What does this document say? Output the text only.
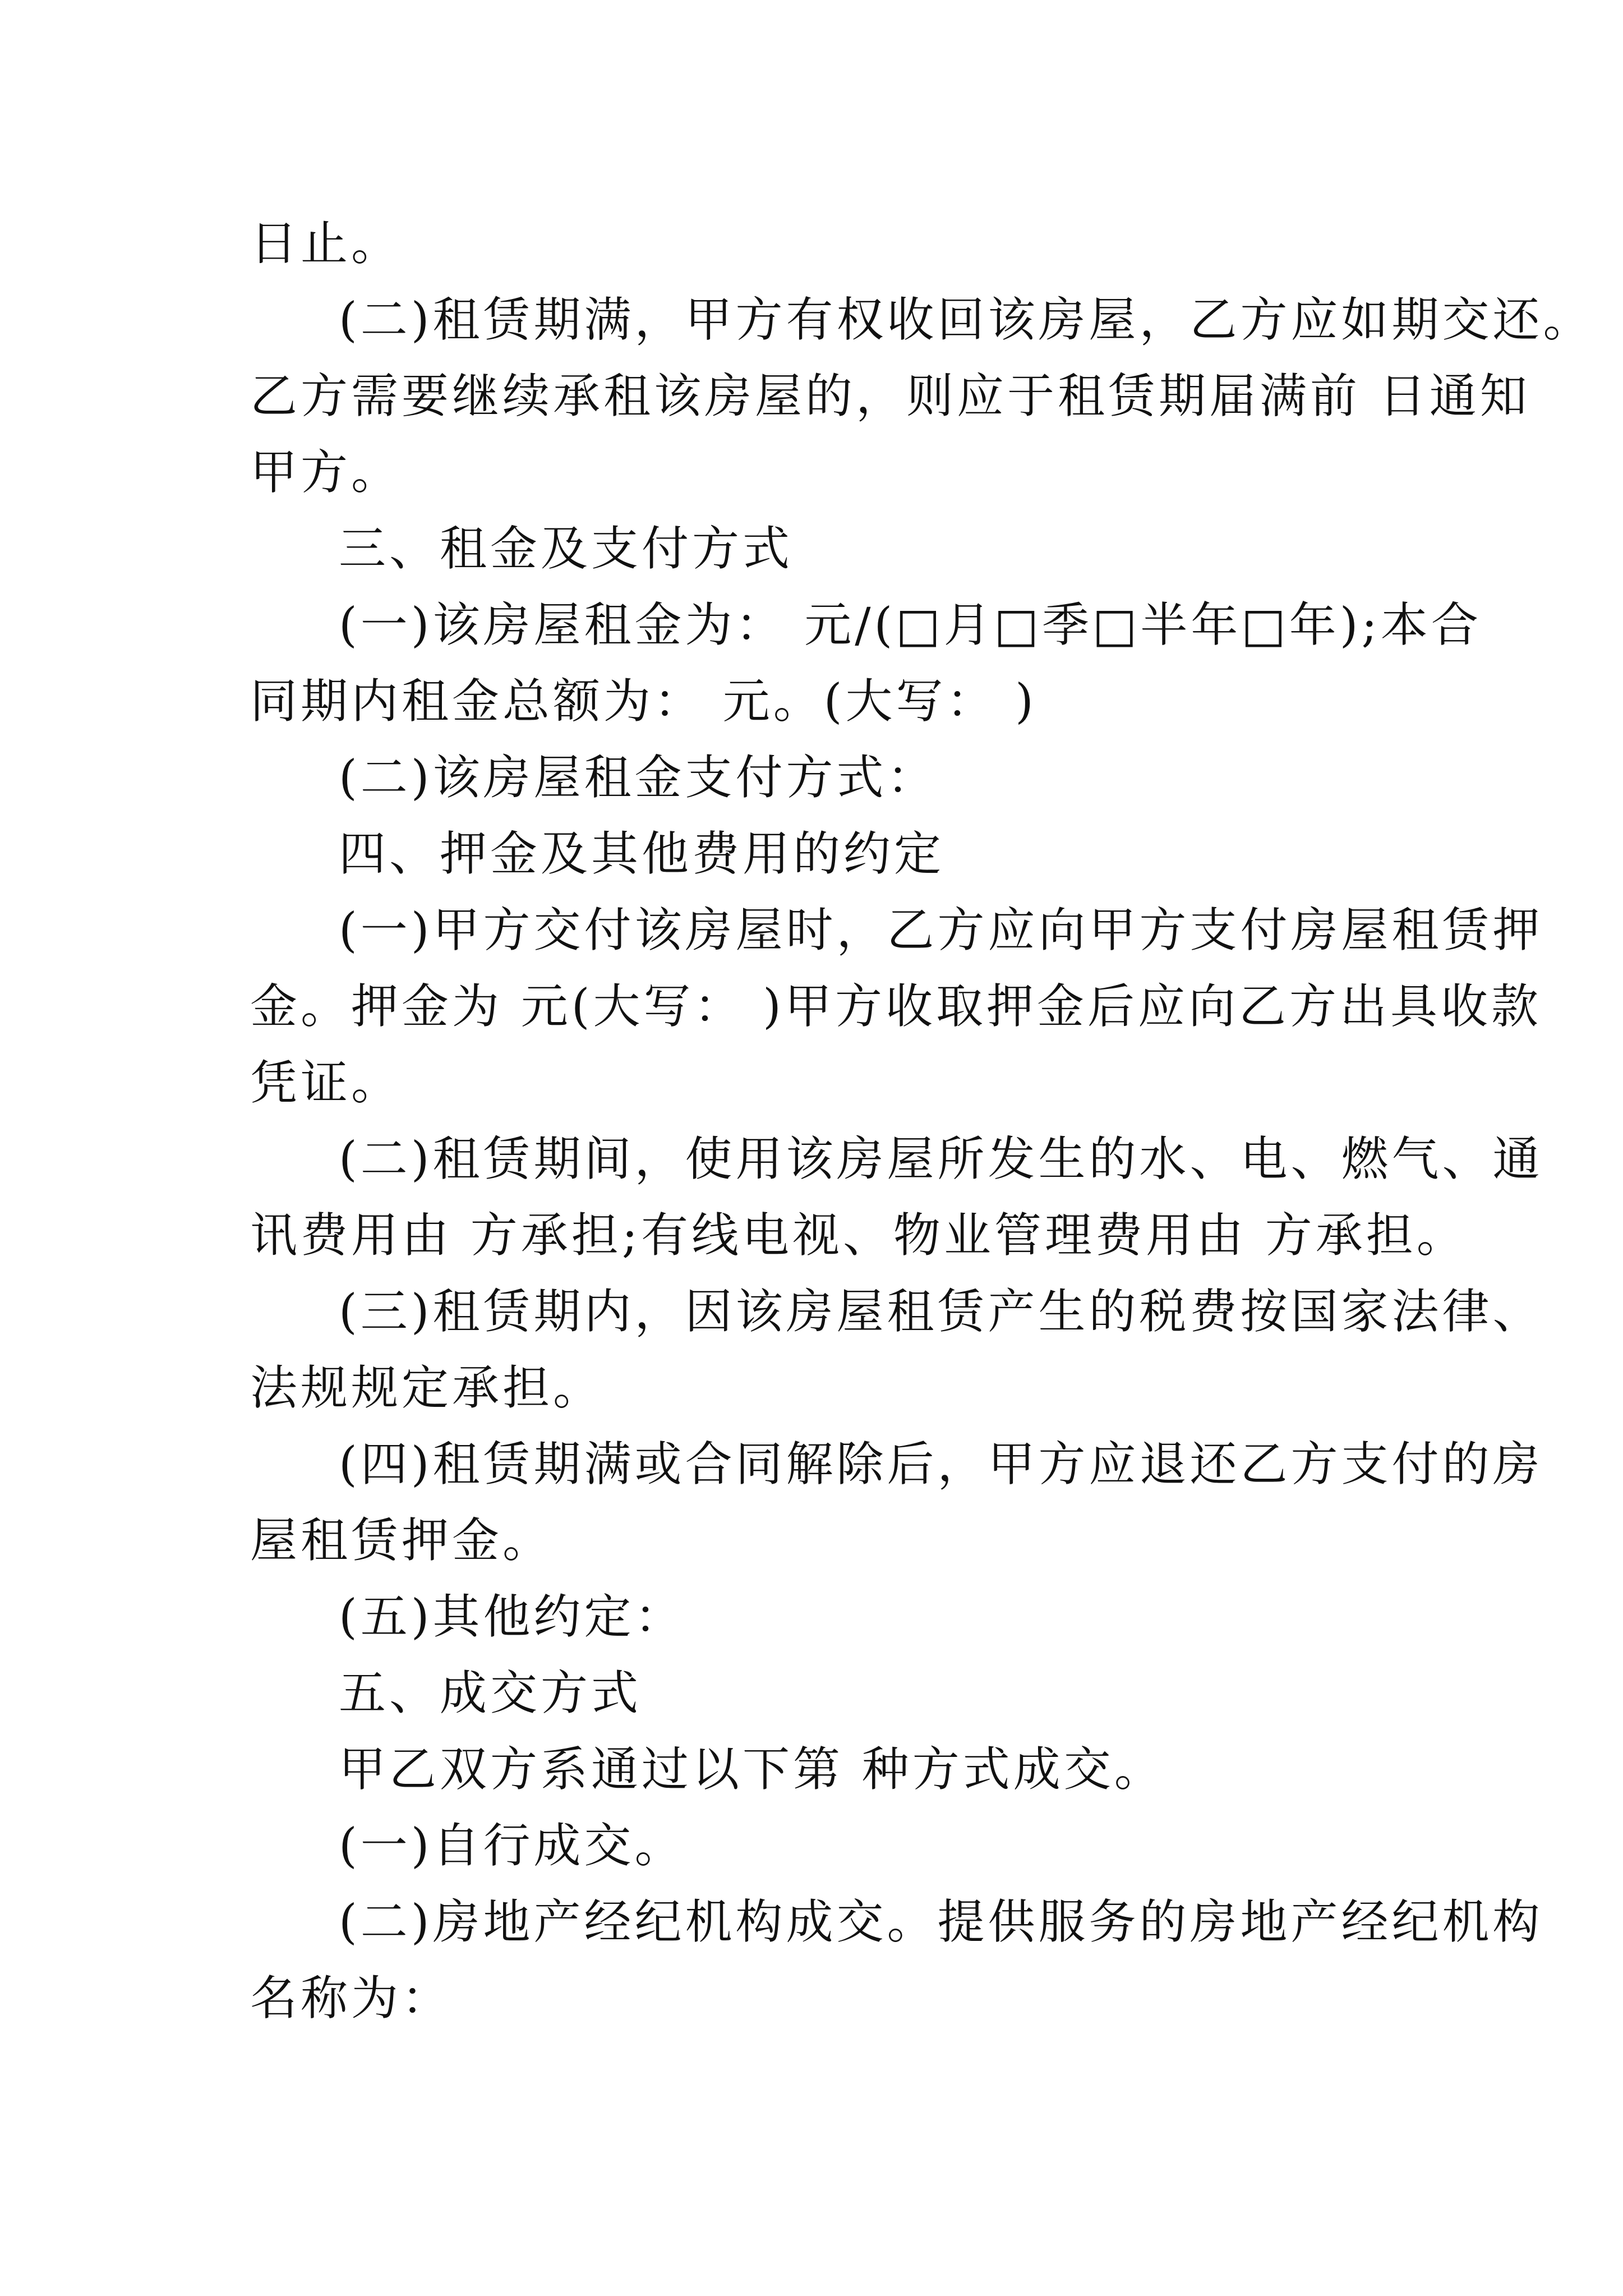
日止。
(二)租赁期满，甲方有权收回该房屋，乙方应如期交还。
乙方需要继续承租该房屋的，则应于租赁期届满前 日通知
甲方。
三、租金及支付方式
(一)该房屋租金为： 元/(□月□季□半年□年);本合
同期内租金总额为： 元。(大写： )
(二)该房屋租金支付方式：
四、押金及其他费用的约定
(一)甲方交付该房屋时，乙方应向甲方支付房屋租赁押
金。押金为 元(大写： )甲方收取押金后应向乙方出具收款
凭证。
(二)租赁期间，使用该房屋所发生的水、电、燃气、通
讯费用由 方承担;有线电视、物业管理费用由 方承担。
(三)租赁期内，因该房屋租赁产生的税费按国家法律、
法规规定承担。
(四)租赁期满或合同解除后，甲方应退还乙方支付的房
屋租赁押金。
(五)其他约定：
五、成交方式
甲乙双方系通过以下第 种方式成交。
(一)自行成交。
(二)房地产经纪机构成交。提供服务的房地产经纪机构
名称为：
